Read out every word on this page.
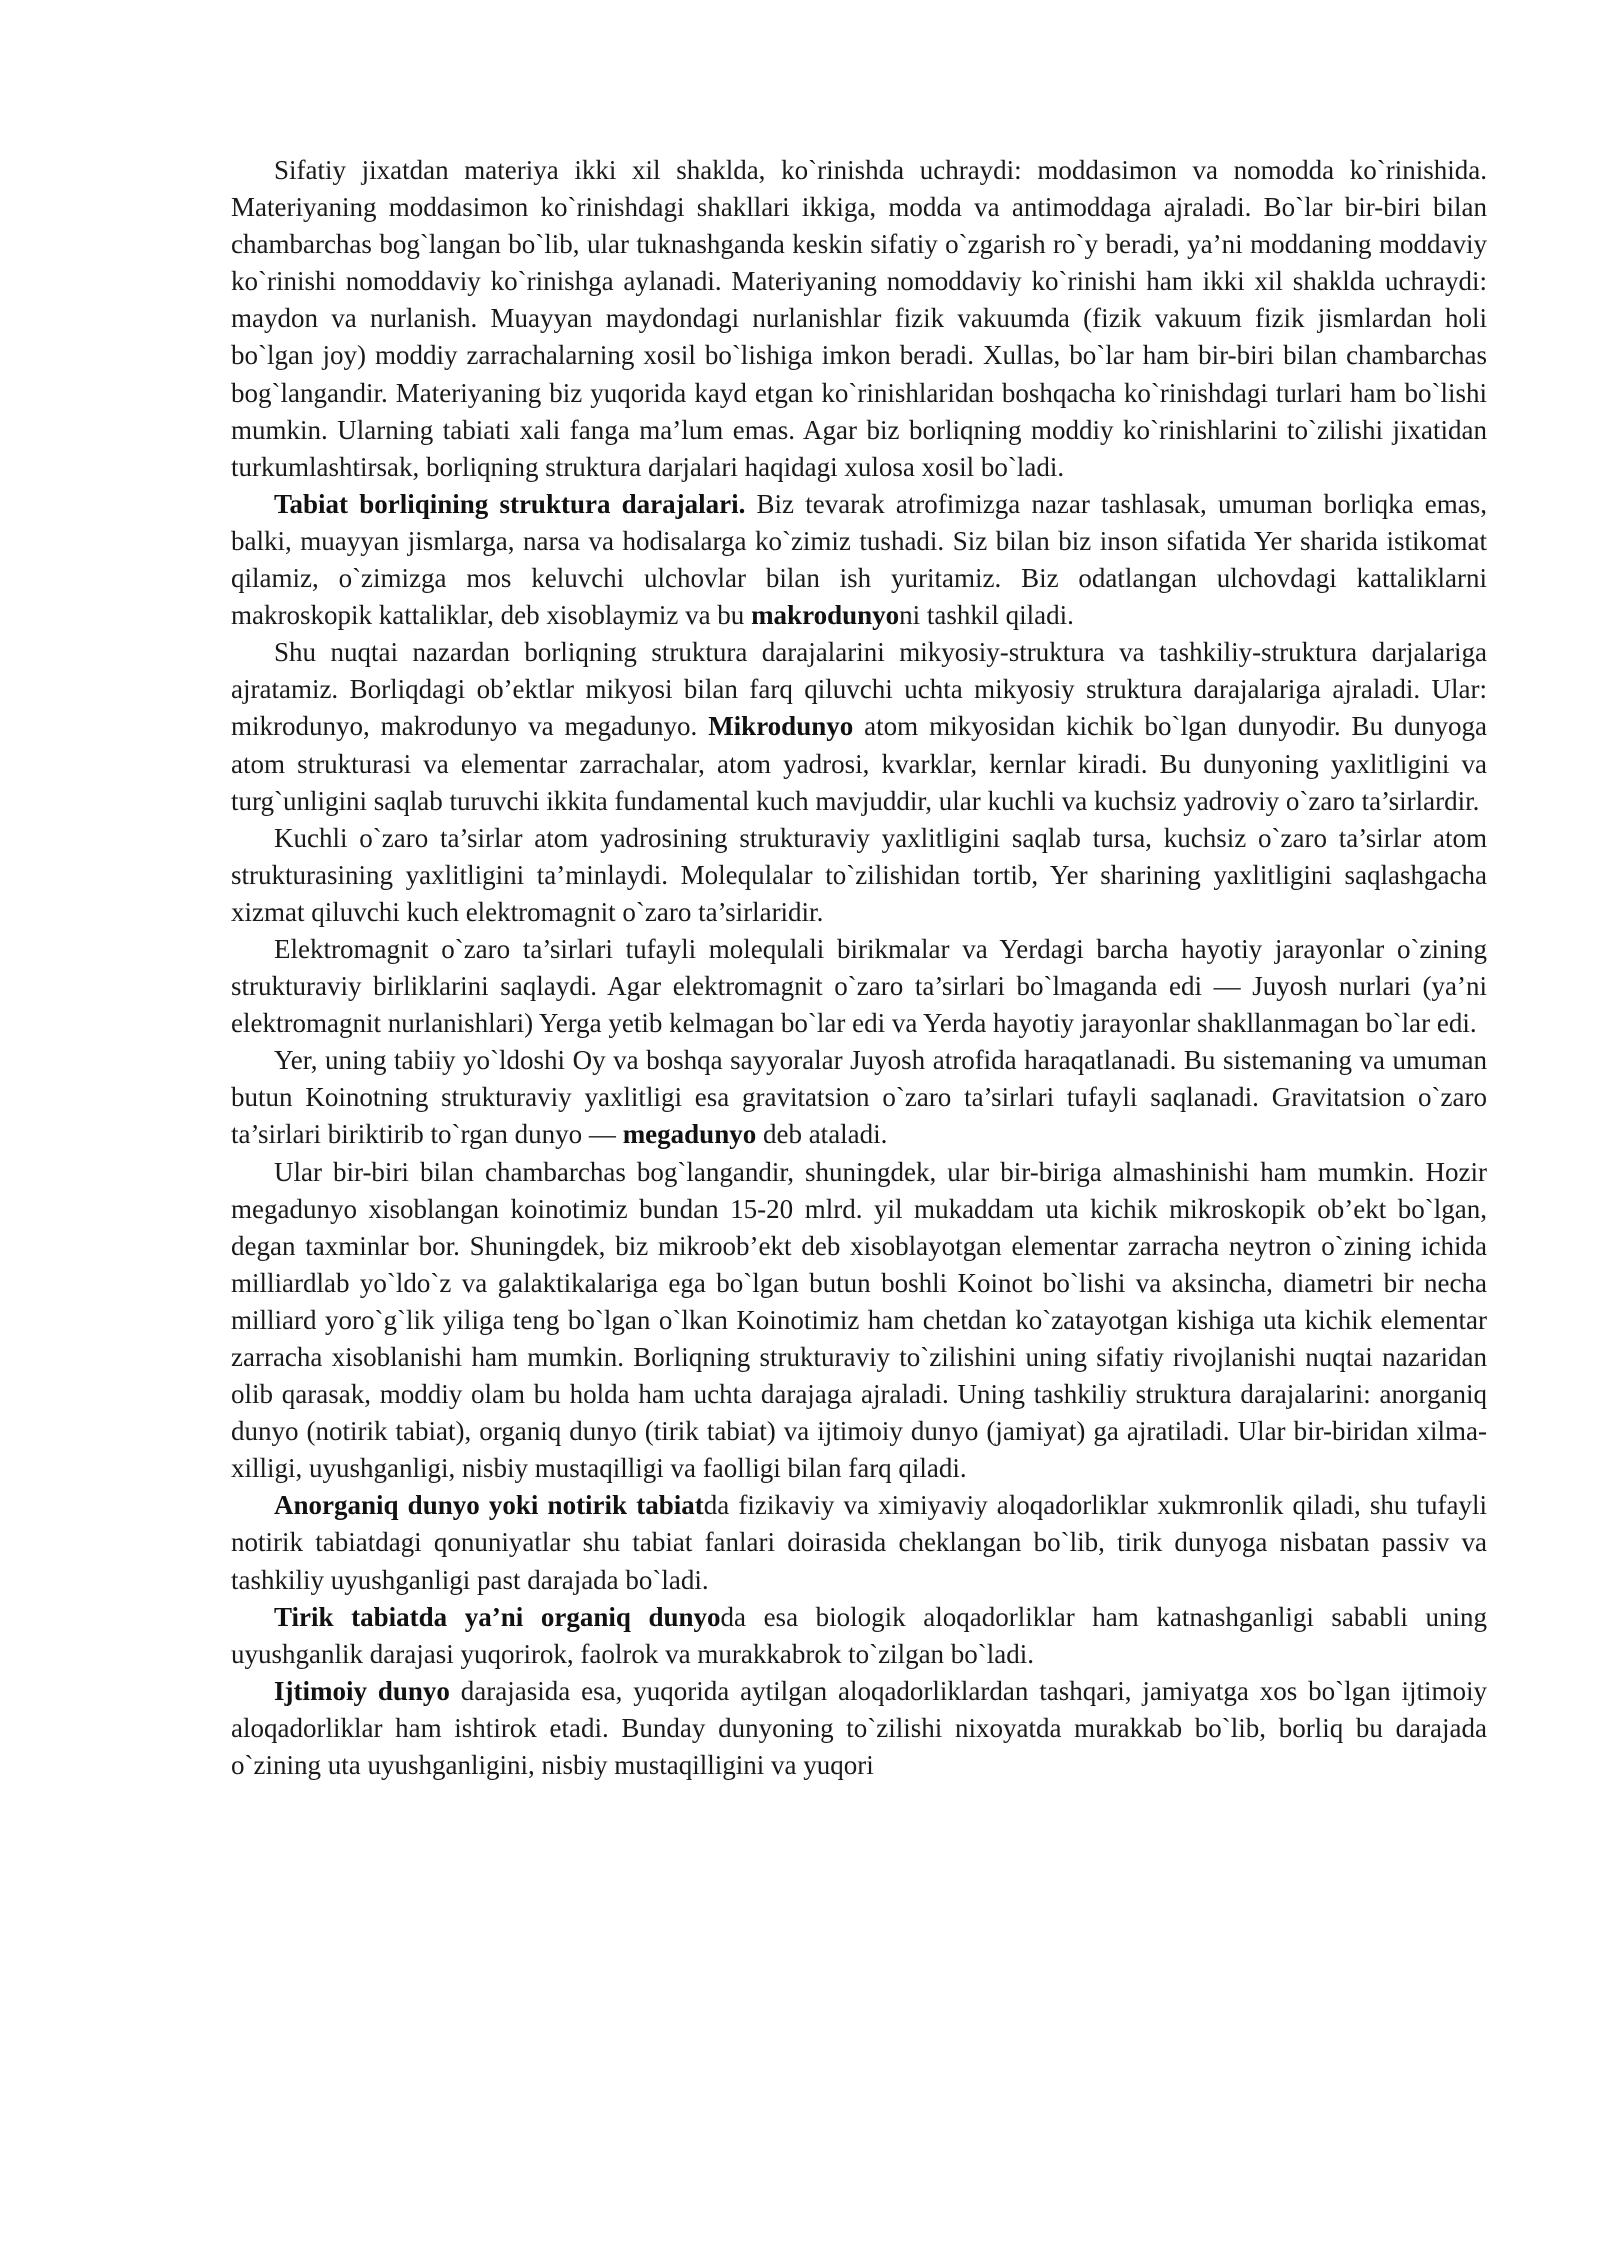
Sifatiy jixatdan materiya ikki xil shaklda, ko`rinishda uchraydi: moddasimon va nomodda ko`rinishida. Materiyaning moddasimon ko`rinishdagi shakllari ikkiga, modda va antimoddaga ajraladi. Bo`lar bir-biri bilan chambarchas bog`langan bo`lib, ular tuknashganda keskin sifatiy o`zgarish ro`y beradi, ya’ni moddaning moddaviy ko`rinishi nomoddaviy ko`rinishga aylanadi. Materiyaning nomoddaviy ko`rinishi ham ikki xil shaklda uchraydi: maydon va nurlanish. Muayyan maydondagi nurlanishlar fizik vakuumda (fizik vakuum fizik jismlardan holi bo`lgan joy) moddiy zarrachalarning xosil bo`lishiga imkon beradi. Xullas, bo`lar ham bir-biri bilan chambarchas bog`langandir. Materiyaning biz yuqorida kayd etgan ko`rinishlaridan boshqacha ko`rinishdagi turlari ham bo`lishi mumkin. Ularning tabiati xali fanga ma’lum emas. Agar biz borliqning moddiy ko`rinishlarini to`zilishi jixatidan turkumlashtirsak, borliqning struktura darjalari haqidagi xulosa xosil bo`ladi.

Tabiat borliqining struktura darajalari. Biz tevarak atrofimizga nazar tashlasak, umuman borliqka emas, balki, muayyan jismlarga, narsa va hodisalarga ko`zimiz tushadi. Siz bilan biz inson sifatida Yer sharida istikomat qilamiz, o`zimizga mos keluvchi ulchovlar bilan ish yuritamiz. Biz odatlangan ulchovdagi kattaliklarni makroskopik kattaliklar, deb xisoblaymiz va bu makrodunyoni tashkil qiladi.

Shu nuqtai nazardan borliqning struktura darajalarini mikyosiy-struktura va tashkiliy-struktura darjalariga ajratamiz. Borliqdagi ob’ektlar mikyosi bilan farq qiluvchi uchta mikyosiy struktura darajalariga ajraladi. Ular: mikrodunyo, makrodunyo va megadunyo. Mikrodunyo atom mikyosidan kichik bo`lgan dunyodir. Bu dunyoga atom strukturasi va elementar zarrachalar, atom yadrosi, kvarklar, kernlar kiradi. Bu dunyoning yaxlitligini va turg`unligini saqlab turuvchi ikkita fundamental kuch mavjuddir, ular kuchli va kuchsiz yadroviy o`zaro ta’sirlardir.

Kuchli o`zaro ta’sirlar atom yadrosining strukturaviy yaxlitligini saqlab tursa, kuchsiz o`zaro ta’sirlar atom strukturasining yaxlitligini ta’minlaydi. Molequlalar to`zilishidan tortib, Yer sharining yaxlitligini saqlashgacha xizmat qiluvchi kuch elektromagnit o`zaro ta’sirlaridir.

Elektromagnit o`zaro ta’sirlari tufayli molequlali birikmalar va Yerdagi barcha hayotiy jarayonlar o`zining strukturaviy birliklarini saqlaydi. Agar elektromagnit o`zaro ta’sirlari bo`lmaganda edi — Juyosh nurlari (ya’ni elektromagnit nurlanishlari) Yerga yetib kelmagan bo`lar edi va Yerda hayotiy jarayonlar shakllanmagan bo`lar edi.

Yer, uning tabiiy yo`ldoshi Oy va boshqa sayyoralar Juyosh atrofida haraqatlanadi. Bu sistemaning va umuman butun Koinotning strukturaviy yaxlitligi esa gravitatsion o`zaro ta’sirlari tufayli saqlanadi. Gravitatsion o`zaro ta’sirlari biriktirib to`rgan dunyo — megadunyo deb ataladi.

Ular bir-biri bilan chambarchas bog`langandir, shuningdek, ular bir-biriga almashinishi ham mumkin. Hozir megadunyo xisoblangan koinotimiz bundan 15-20 mlrd. yil mukaddam uta kichik mikroskopik ob’ekt bo`lgan, degan taxminlar bor. Shuningdek, biz mikroob’ekt deb xisoblayotgan elementar zarracha neytron o`zining ichida milliardlab yo`ldo`z va galaktikalariga ega bo`lgan butun boshli Koinot bo`lishi va aksincha, diametri bir necha milliard yoro`g`lik yiliga teng bo`lgan o`lkan Koinotimiz ham chetdan ko`zatayotgan kishiga uta kichik elementar zarracha xisoblanishi ham mumkin. Borliqning strukturaviy to`zilishini uning sifatiy rivojlanishi nuqtai nazaridan olib qarasak, moddiy olam bu holda ham uchta darajaga ajraladi. Uning tashkiliy struktura darajalarini: anorganiq dunyo (notirik tabiat), organiq dunyo (tirik tabiat) va ijtimoiy dunyo (jamiyat) ga ajratiladi. Ular bir-biridan xilma-xilligi, uyushganligi, nisbiy mustaqilligi va faolligi bilan farq qiladi.

Anorganiq dunyo yoki notirik tabiatda fizikaviy va ximiyaviy aloqadorliklar xukmronlik qiladi, shu tufayli notirik tabiatdagi qonuniyatlar shu tabiat fanlari doirasida cheklangan bo`lib, tirik dunyoga nisbatan passiv va tashkiliy uyushganligi past darajada bo`ladi.

Tirik tabiatda ya’ni organiq dunyoda esa biologik aloqadorliklar ham katnashganligi sababli uning uyushganlik darajasi yuqorirok, faolrok va murakkabrok to`zilgan bo`ladi.

Ijtimoiy dunyo darajasida esa, yuqorida aytilgan aloqadorliklardan tashqari, jamiyatga xos bo`lgan ijtimoiy aloqadorliklar ham ishtirok etadi. Bunday dunyoning to`zilishi nixoyatda murakkab bo`lib, borliq bu darajada o`zining uta uyushganligini, nisbiy mustaqilligini va yuqori
